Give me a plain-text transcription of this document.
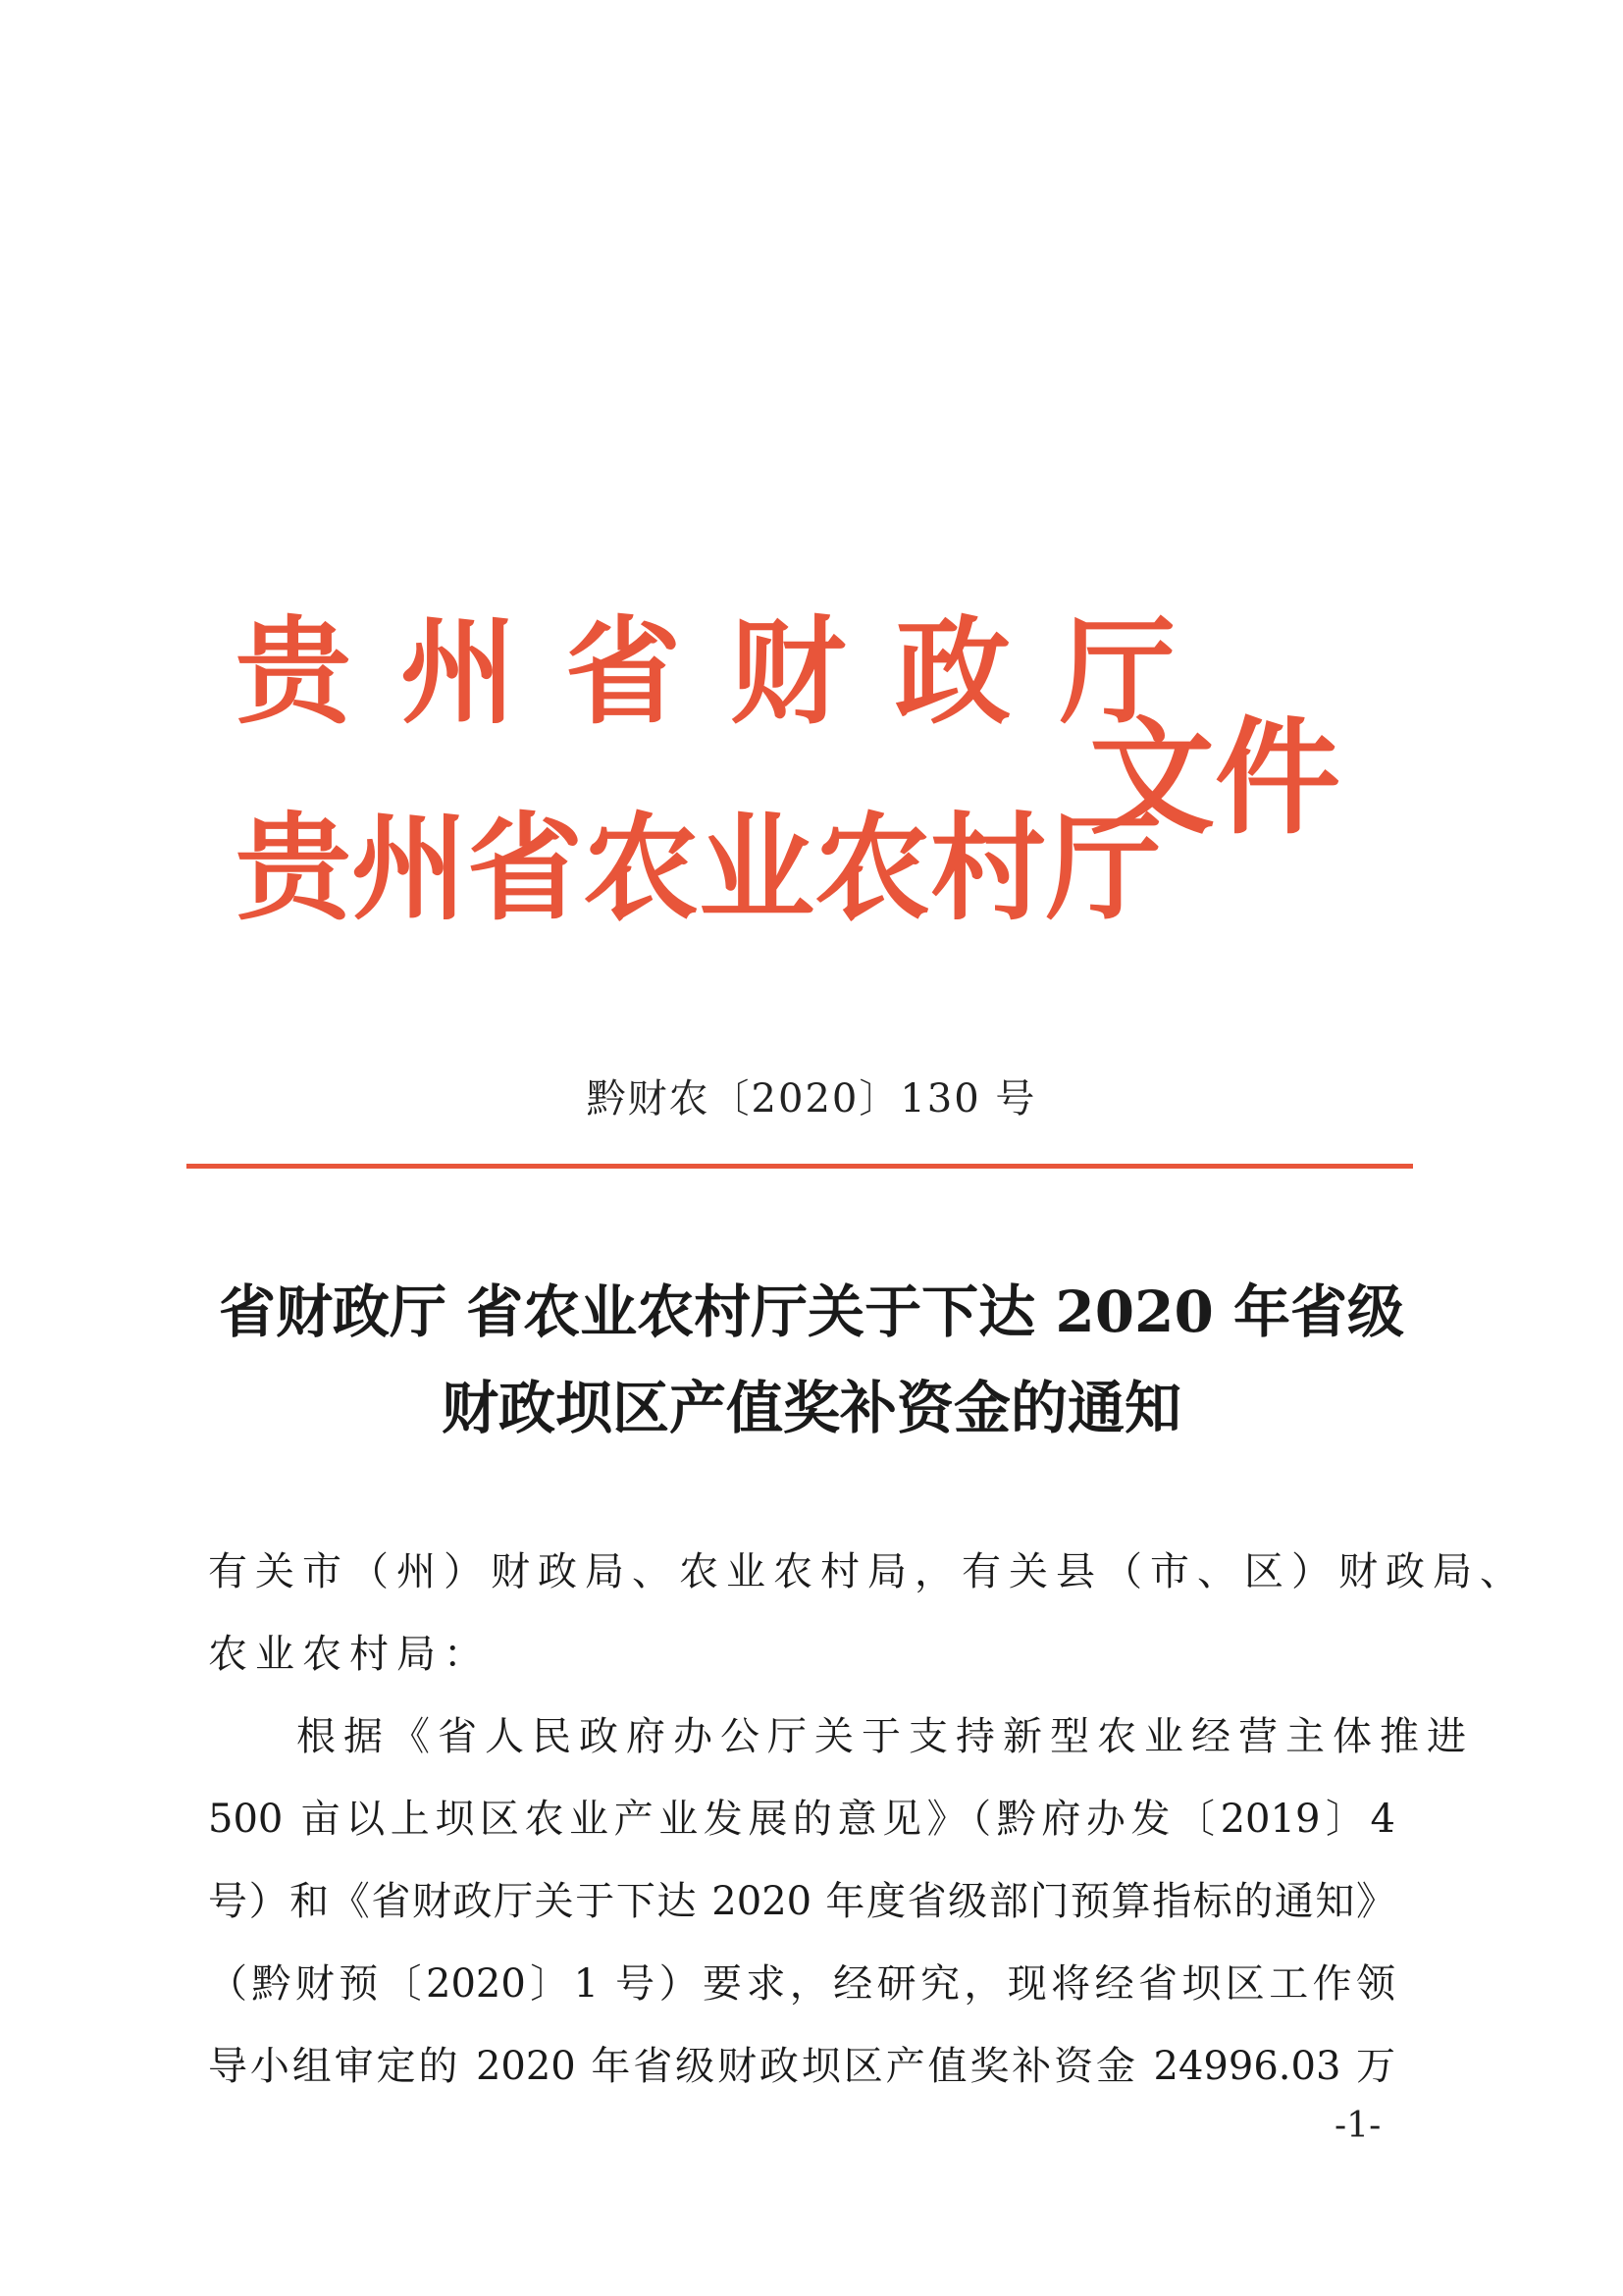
贵州省财政厅
贵州省农业农村厅
文件
黔财农〔2020〕130 号
省财政厅 省农业农村厅关于下达 2020 年省级
财政坝区产值奖补资金的通知
有关市（州）财政局、农业农村局，有关县（市、区）财政局、
农业农村局：
根据《省人民政府办公厅关于支持新型农业经营主体推进
500 亩以上坝区农业产业发展的意见》（黔府办发〔2019〕4
号）和《省财政厅关于下达 2020 年度省级部门预算指标的通知》
（黔财预〔2020〕1 号）要求，经研究，现将经省坝区工作领
导小组审定的 2020 年省级财政坝区产值奖补资金 24996.03 万
-1-
